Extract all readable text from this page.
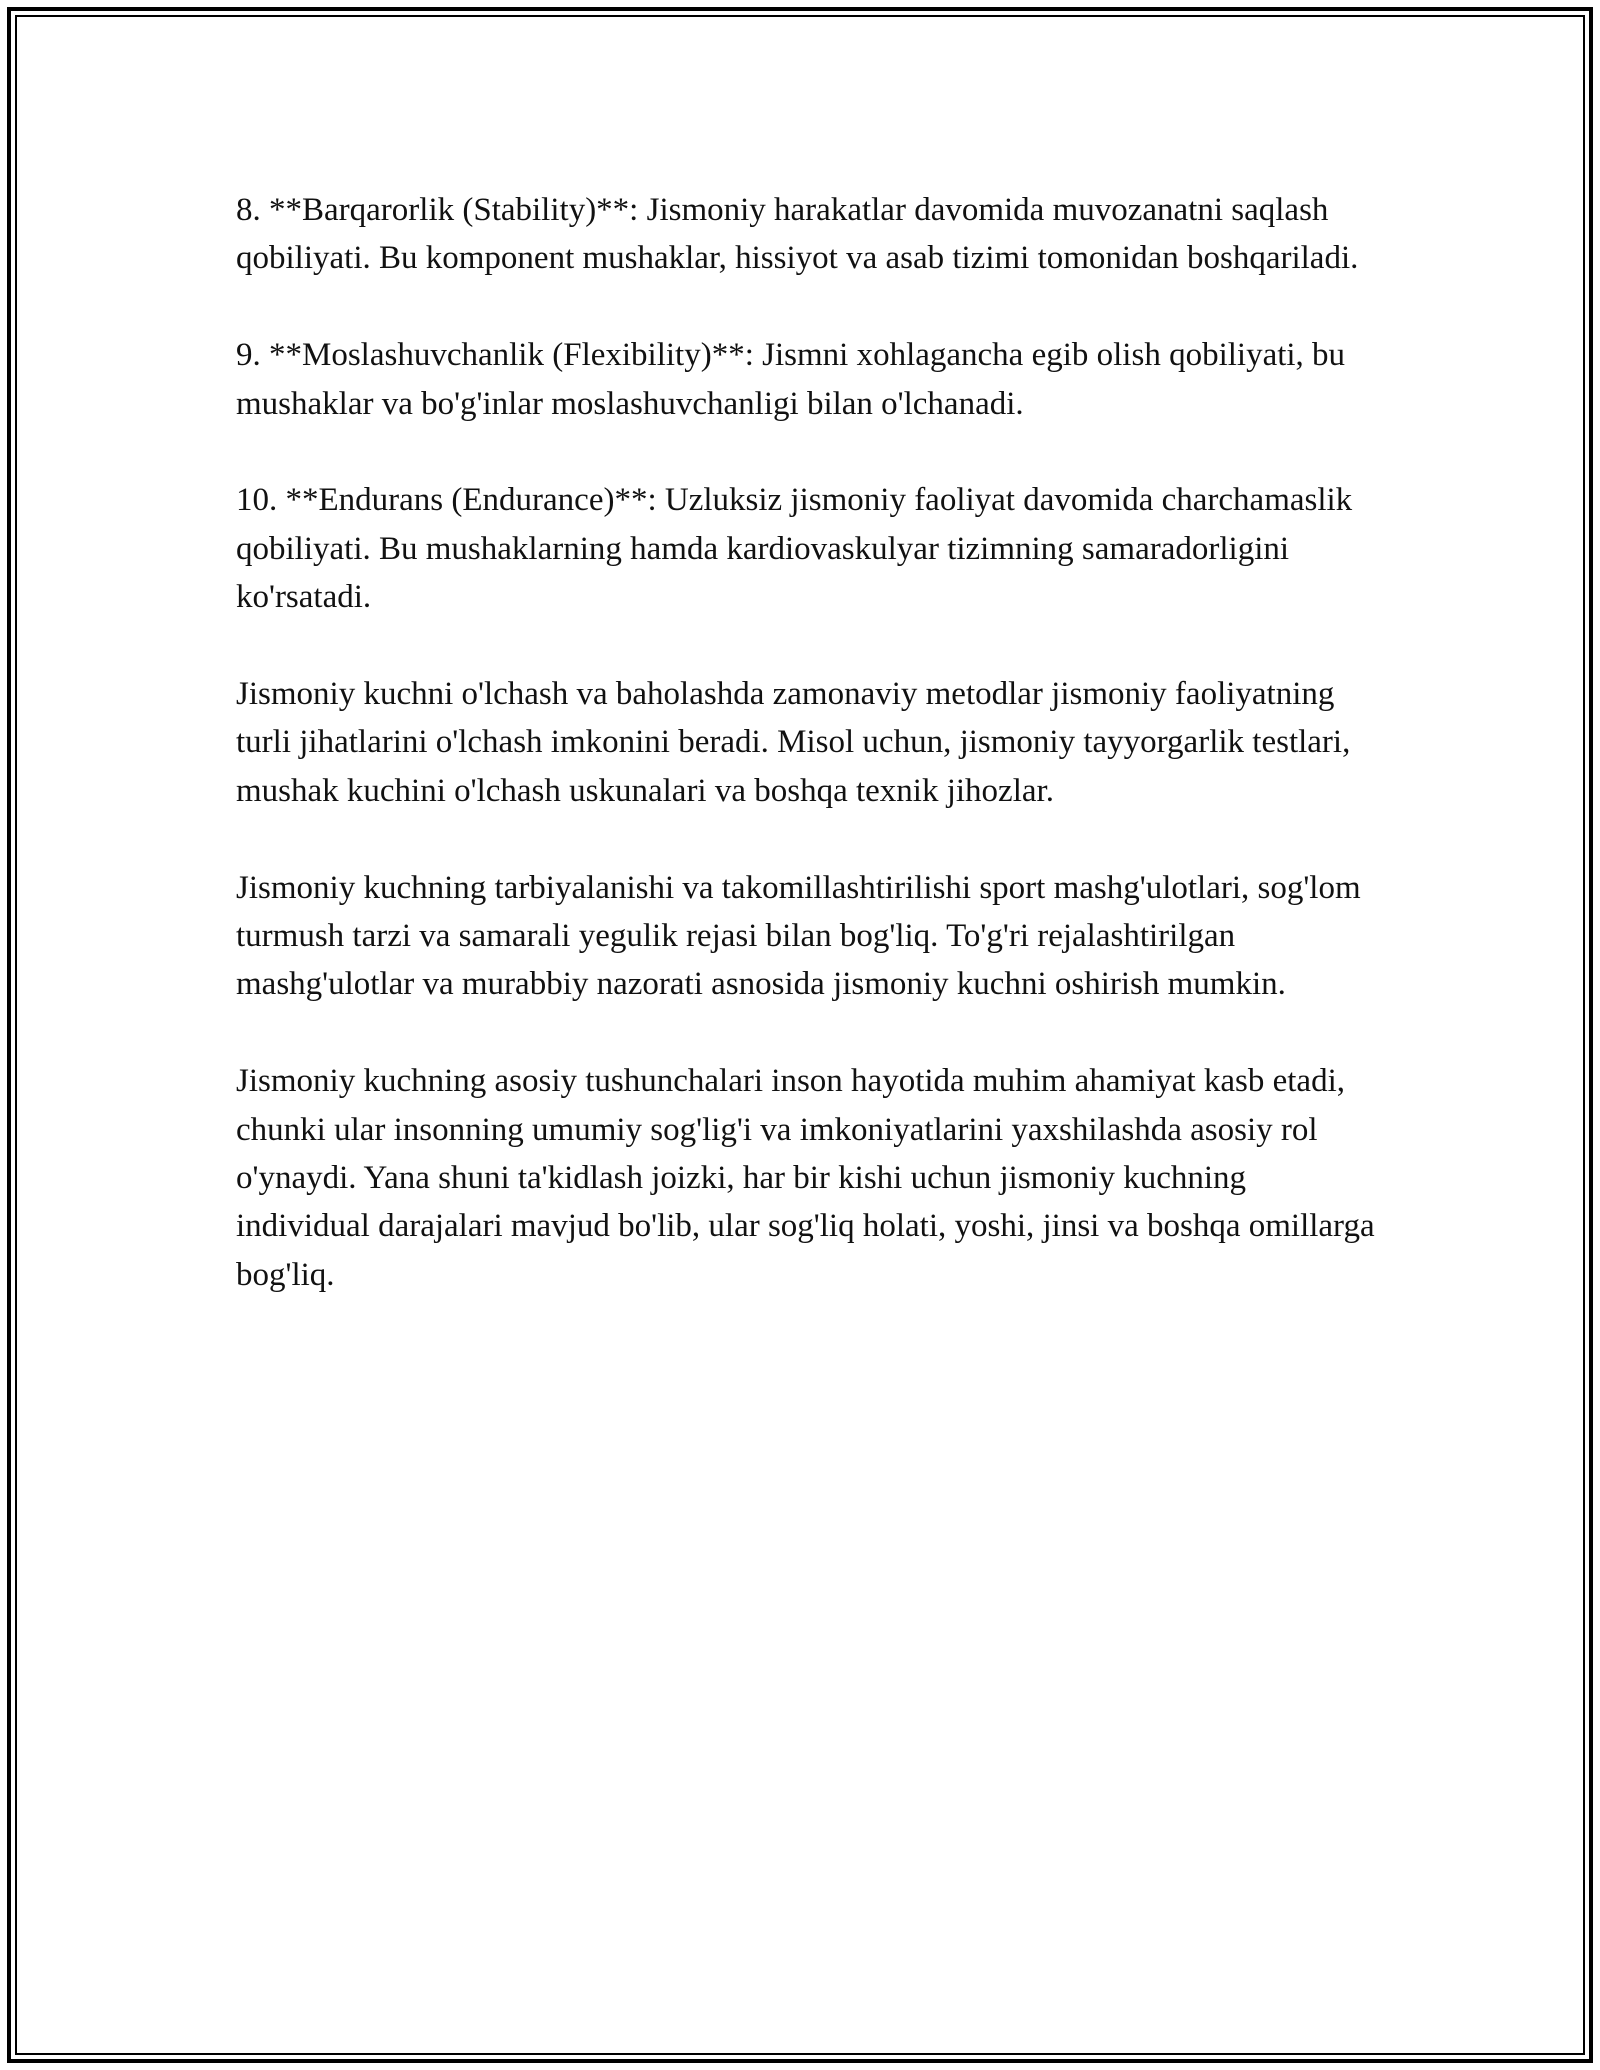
8. **Barqarorlik (Stability)**: Jismoniy harakatlar davomida muvozanatni saqlash qobiliyati. Bu komponent mushaklar, hissiyot va asab tizimi tomonidan boshqariladi.

9. **Moslashuvchanlik (Flexibility)**: Jismni xohlagancha egib olish qobiliyati, bu mushaklar va bo'g'inlar moslashuvchanligi bilan o'lchanadi.

10. **Endurans (Endurance)**: Uzluksiz jismoniy faoliyat davomida charchamaslik qobiliyati. Bu mushaklarning hamda kardiovaskulyar tizimning samaradorligini ko'rsatadi.

Jismoniy kuchni o'lchash va baholashda zamonaviy metodlar jismoniy faoliyatning turli jihatlarini o'lchash imkonini beradi. Misol uchun, jismoniy tayyorgarlik testlari, mushak kuchini o'lchash uskunalari va boshqa texnik jihozlar.

Jismoniy kuchning tarbiyalanishi va takomillashtirilishi sport mashg'ulotlari, sog'lom turmush tarzi va samarali yegulik rejasi bilan bog'liq. To'g'ri rejalashtirilgan mashg'ulotlar va murabbiy nazorati asnosida jismoniy kuchni oshirish mumkin.

Jismoniy kuchning asosiy tushunchalari inson hayotida muhim ahamiyat kasb etadi, chunki ular insonning umumiy sog'lig'i va imkoniyatlarini yaxshilashda asosiy rol o'ynaydi. Yana shuni ta'kidlash joizki, har bir kishi uchun jismoniy kuchning individual darajalari mavjud bo'lib, ular sog'liq holati, yoshi, jinsi va boshqa omillarga bog'liq.
